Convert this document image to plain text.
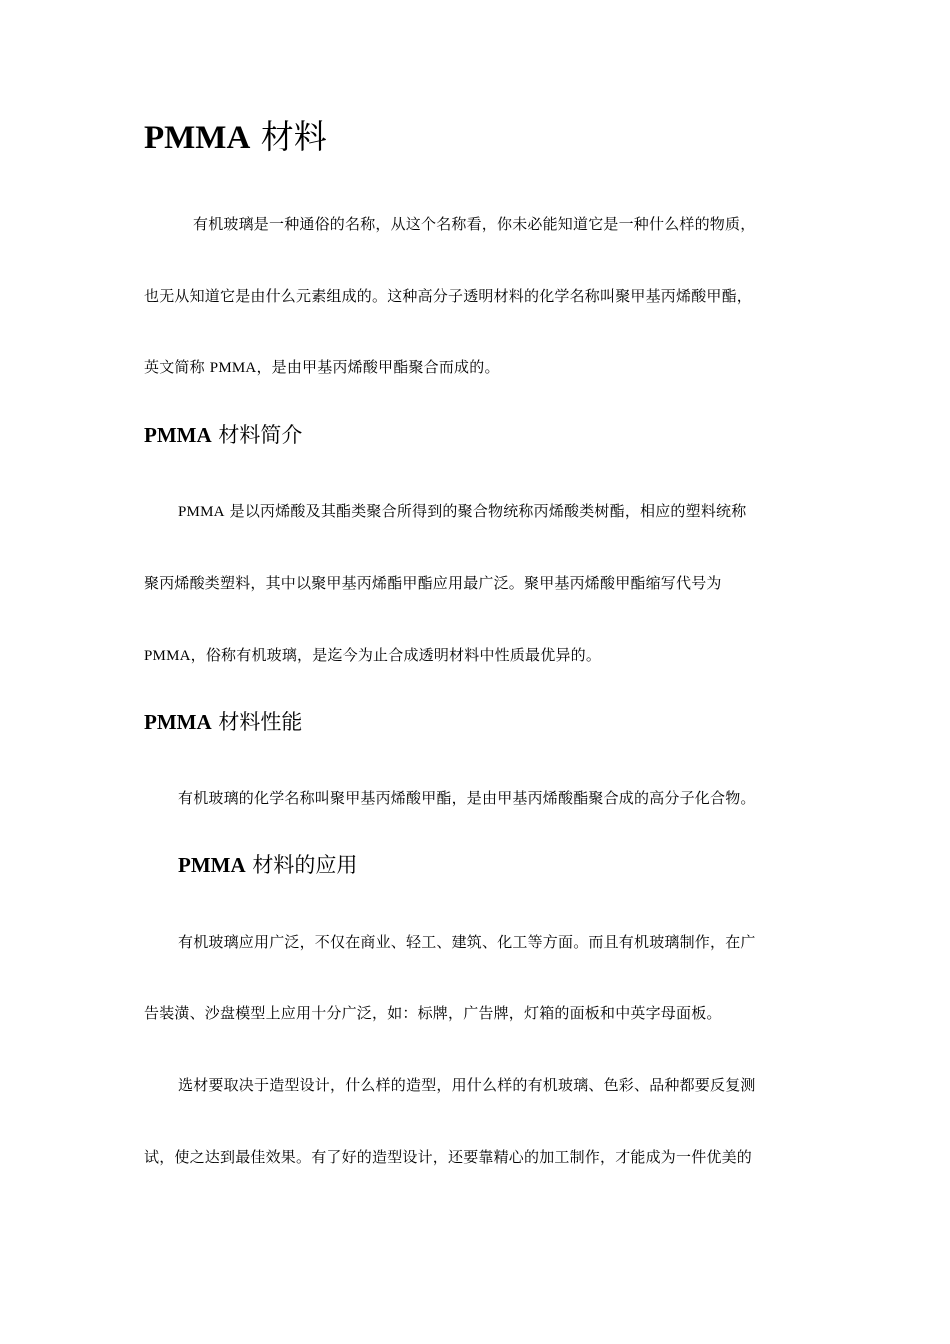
PMMA 材料

有机玻璃是一种通俗的名称，从这个名称看，你未必能知道它是一种什么样的物质，

也无从知道它是由什么元素组成的。这种高分子透明材料的化学名称叫聚甲基丙烯酸甲酯，

英文简称 PMMA，是由甲基丙烯酸甲酯聚合而成的。

PMMA 材料简介

PMMA 是以丙烯酸及其酯类聚合所得到的聚合物统称丙烯酸类树酯，相应的塑料统称

聚丙烯酸类塑料，其中以聚甲基丙烯酯甲酯应用最广泛。聚甲基丙烯酸甲酯缩写代号为

PMMA，俗称有机玻璃，是迄今为止合成透明材料中性质最优异的。

PMMA 材料性能

有机玻璃的化学名称叫聚甲基丙烯酸甲酯，是由甲基丙烯酸酯聚合成的高分子化合物。

PMMA 材料的应用

有机玻璃应用广泛，不仅在商业、轻工、建筑、化工等方面。而且有机玻璃制作，在广

告装潢、沙盘模型上应用十分广泛，如：标牌，广告牌，灯箱的面板和中英字母面板。

选材要取决于造型设计，什么样的造型，用什么样的有机玻璃、色彩、品种都要反复测

试，使之达到最佳效果。有了好的造型设计，还要靠精心的加工制作，才能成为一件优美的
